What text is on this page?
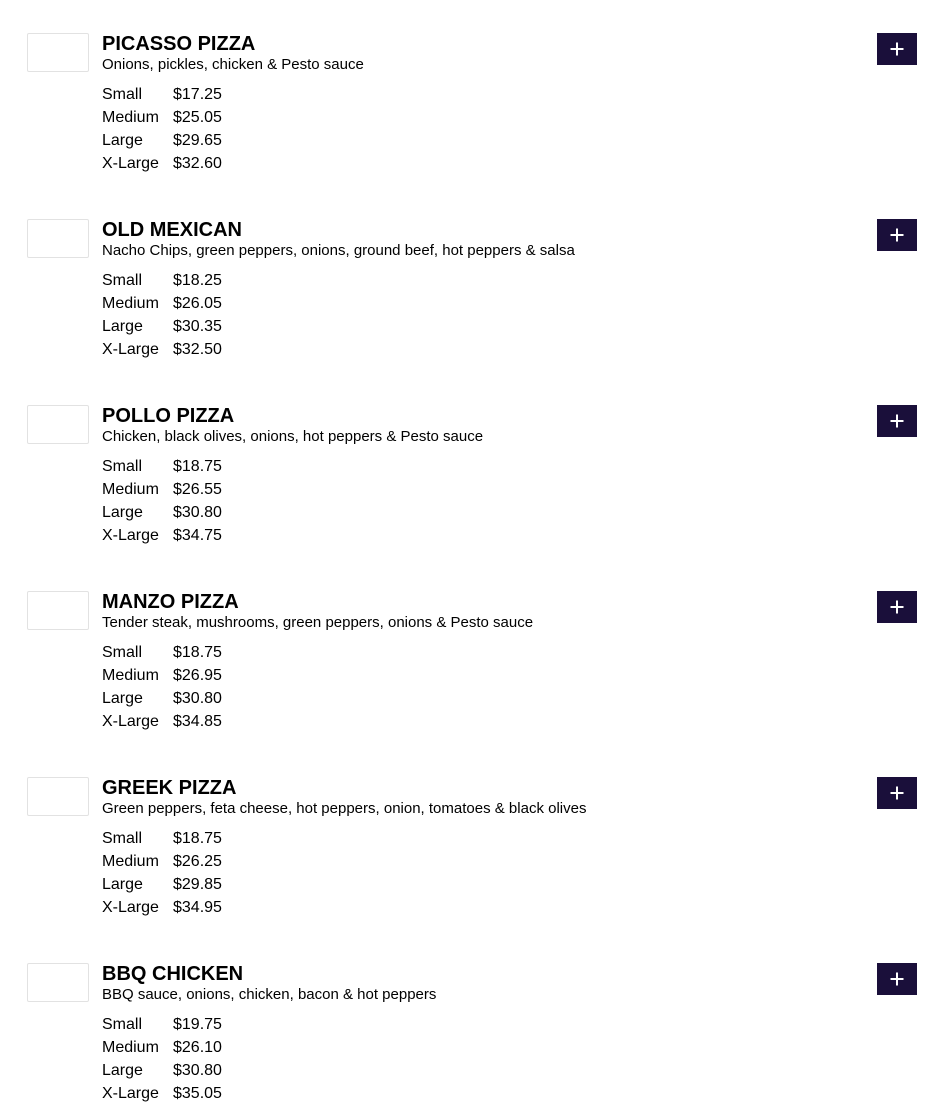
PICASSO PIZZA
Onions, pickles, chicken & Pesto sauce
Small	$17.25
Medium	$25.05
Large	$29.65
X-Large	$32.60
OLD MEXICAN
Nacho Chips, green peppers, onions, ground beef, hot peppers & salsa
Small	$18.25
Medium	$26.05
Large	$30.35
X-Large	$32.50
POLLO PIZZA
Chicken, black olives, onions, hot peppers & Pesto sauce
Small	$18.75
Medium	$26.55
Large	$30.80
X-Large	$34.75
MANZO PIZZA
Tender steak, mushrooms, green peppers, onions & Pesto sauce
Small	$18.75
Medium	$26.95
Large	$30.80
X-Large	$34.85
GREEK PIZZA
Green peppers, feta cheese, hot peppers, onion, tomatoes & black olives
Small	$18.75
Medium	$26.25
Large	$29.85
X-Large	$34.95
BBQ CHICKEN
BBQ sauce, onions, chicken, bacon & hot peppers
Small	$19.75
Medium	$26.10
Large	$30.80
X-Large	$35.05
